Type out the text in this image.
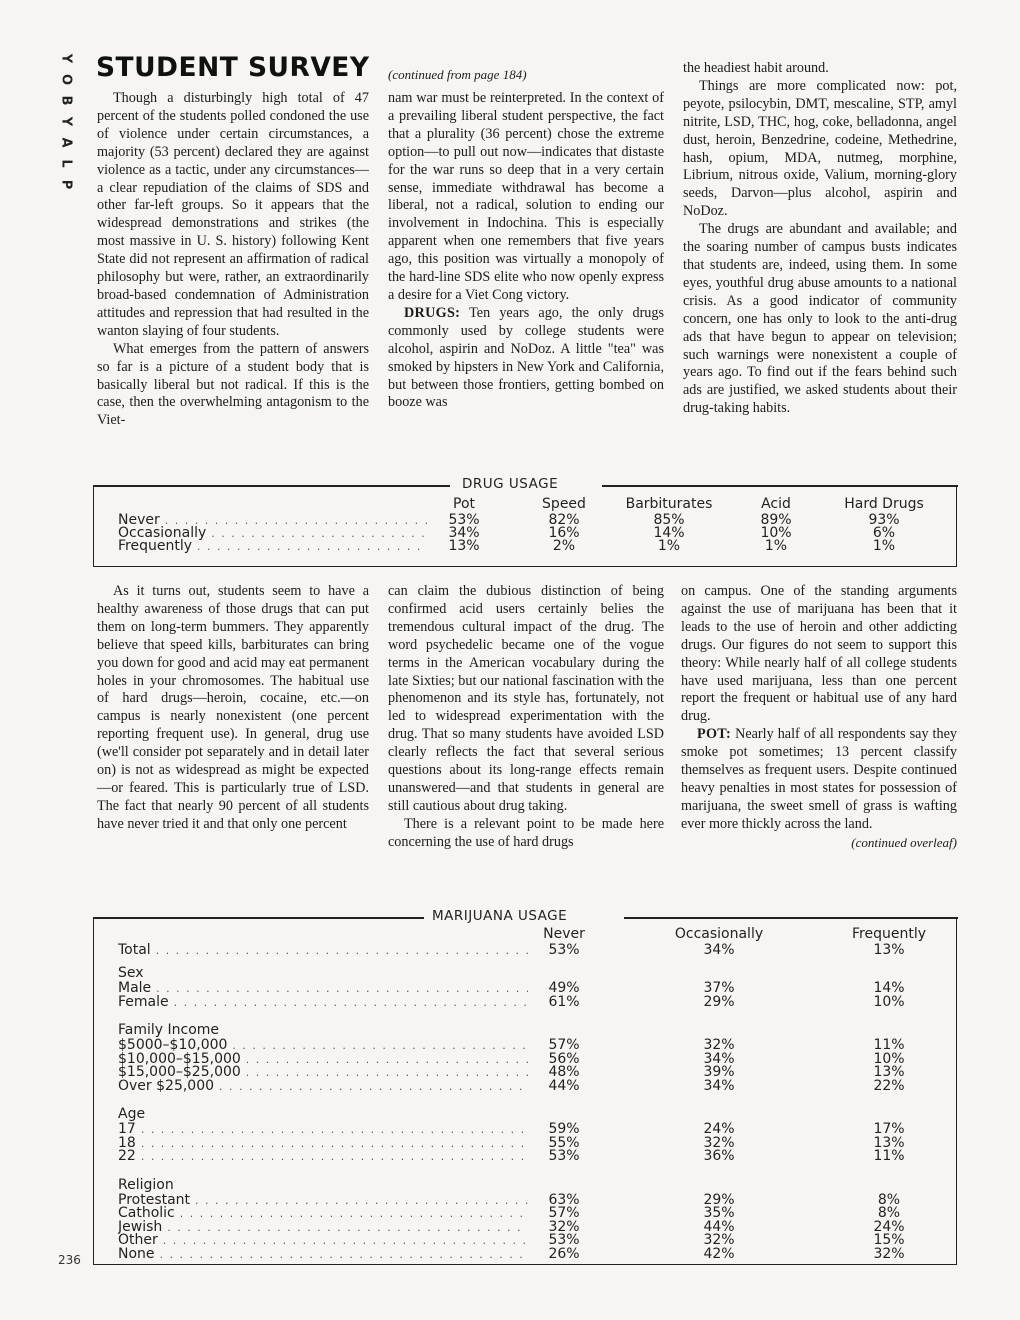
Y
O
B
Y
A
L
P
STUDENT SURVEY

Though a disturbingly high total of 47 percent of the students polled condoned the use of violence under certain circumstances, a majority (53 percent) declared they are against violence as a tactic, under any circumstances—a clear repudiation of the claims of SDS and other far-left groups. So it appears that the widespread demonstrations and strikes (the most massive in U. S. history) following Kent State did not represent an affirmation of radical philosophy but were, rather, an extraordinarily broad-based condemnation of Administration attitudes and repression that had resulted in the wanton slaying of four students.

What emerges from the pattern of answers so far is a picture of a student body that is basically liberal but not radical. If this is the case, then the overwhelming antagonism to the Viet-

(continued from page 184)

nam war must be reinterpreted. In the context of a prevailing liberal student perspective, the fact that a plurality (36 percent) chose the extreme option—to pull out now—indicates that distaste for the war runs so deep that in a very certain sense, immediate withdrawal has become a liberal, not a radical, solution to ending our involvement in Indochina. This is especially apparent when one remembers that five years ago, this position was virtually a monopoly of the hard-line SDS elite who now openly express a desire for a Viet Cong victory.

DRUGS: Ten years ago, the only drugs commonly used by college students were alcohol, aspirin and NoDoz. A little "tea" was smoked by hipsters in New York and California, but between those frontiers, getting bombed on booze was

the headiest habit around.

Things are more complicated now: pot, peyote, psilocybin, DMT, mescaline, STP, amyl nitrite, LSD, THC, hog, coke, belladonna, angel dust, heroin, Benzedrine, codeine, Methedrine, hash, opium, MDA, nutmeg, morphine, Librium, nitrous oxide, Valium, morning-glory seeds, Darvon—plus alcohol, aspirin and NoDoz.

The drugs are abundant and available; and the soaring number of campus busts indicates that students are, indeed, using them. In some eyes, youthful drug abuse amounts to a national crisis. As a good indicator of community concern, one has only to look to the anti-drug ads that have begun to appear on television; such warnings were nonexistent a couple of years ago. To find out if the fears behind such ads are justified, we asked students about their drug-taking habits.

DRUG USAGE
Pot	Speed	Barbiturates	Acid	Hard Drugs
Never . . .	53%	82%	85%	89%	93%
Occasionally . . .	34%	16%	14%	10%	6%
Frequently . . .	13%	2%	1%	1%	1%

As it turns out, students seem to have a healthy awareness of those drugs that can put them on long-term bummers. They apparently believe that speed kills, barbiturates can bring you down for good and acid may eat permanent holes in your chromosomes. The habitual use of hard drugs—heroin, cocaine, etc.—on campus is nearly nonexistent (one percent reporting frequent use). In general, drug use (we'll consider pot separately and in detail later on) is not as widespread as might be expected—or feared. This is particularly true of LSD. The fact that nearly 90 percent of all students have never tried it and that only one percent

can claim the dubious distinction of being confirmed acid users certainly belies the tremendous cultural impact of the drug. The word psychedelic became one of the vogue terms in the American vocabulary during the late Sixties; but our national fascination with the phenomenon and its style has, fortunately, not led to widespread experimentation with the drug. That so many students have avoided LSD clearly reflects the fact that several serious questions about its long-range effects remain unanswered—and that students in general are still cautious about drug taking.

There is a relevant point to be made here concerning the use of hard drugs

on campus. One of the standing arguments against the use of marijuana has been that it leads to the use of heroin and other addicting drugs. Our figures do not seem to support this theory: While nearly half of all college students have used marijuana, less than one percent report the frequent or habitual use of any hard drug.

POT: Nearly half of all respondents say they smoke pot sometimes; 13 percent classify themselves as frequent users. Despite continued heavy penalties in most states for possession of marijuana, the sweet smell of grass is wafting ever more thickly across the land.

(continued overleaf)
MARIJUANA USAGE
Never	Occasionally	Frequently
Total . . .	53%	34%	13%
Sex
Male . . .	49%	37%	14%
Female . . .	61%	29%	10%
Family Income
$5000–$10,000 . . .	57%	32%	11%
$10,000–$15,000 . . .	56%	34%	10%
$15,000–$25,000 . . .	48%	39%	13%
Over $25,000 . . .	44%	34%	22%
Age
17 . . .	59%	24%	17%
18 . . .	55%	32%	13%
22 . . .	53%	36%	11%
Religion
Protestant . . .	63%	29%	8%
Catholic . . .	57%	35%	8%
Jewish . . .	32%	44%	24%
Other . . .	53%	32%	15%
None . . .	26%	42%	32%
236
